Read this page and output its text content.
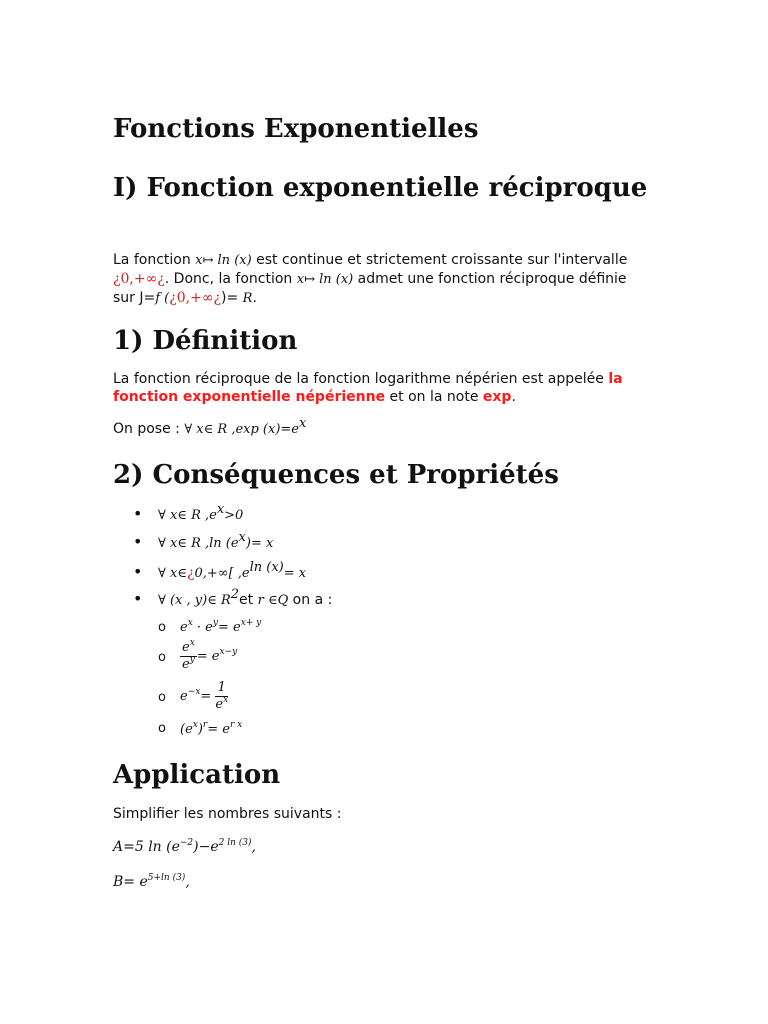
Fonctions Exponentielles
I) Fonction exponentielle réciproque

La fonction x↦ ln (x) est continue et strictement croissante sur l'intervalle ¿0,+∞¿. Donc, la fonction x↦ ln (x) admet une fonction réciproque définie sur J=f (¿0,+∞¿)= R.

1) Définition

La fonction réciproque de la fonction logarithme népérien est appelée la fonction exponentielle népérienne et on la note exp.

On pose : ∀ x∈ R ,exp $(x)=e^x$

2) Conséquences et Propriétés
• ∀ x∈ R $,e^x>0$
• ∀ x∈ R ,ln $(e^x)= x$
• ∀ x∈¿0,+∞[ $,e^{ln (x)}= x$
• ∀ (x , y)∈ $R^2et$ r ∈Q on a :
o $e^x \cdot e^y= e^{x+ y}$
o $\frac{e^x}{e^y} = e^{x-y}$
o $e^{-x}= \frac{1}{e^x}$
o $(e^x)^r= e^{r x}$
Application

Simplifier les nombres suivants :

A=5 $\ln (e^{-2})-e^{2 ln (3)}$,

$B= e^{5+ln (3)}$,
